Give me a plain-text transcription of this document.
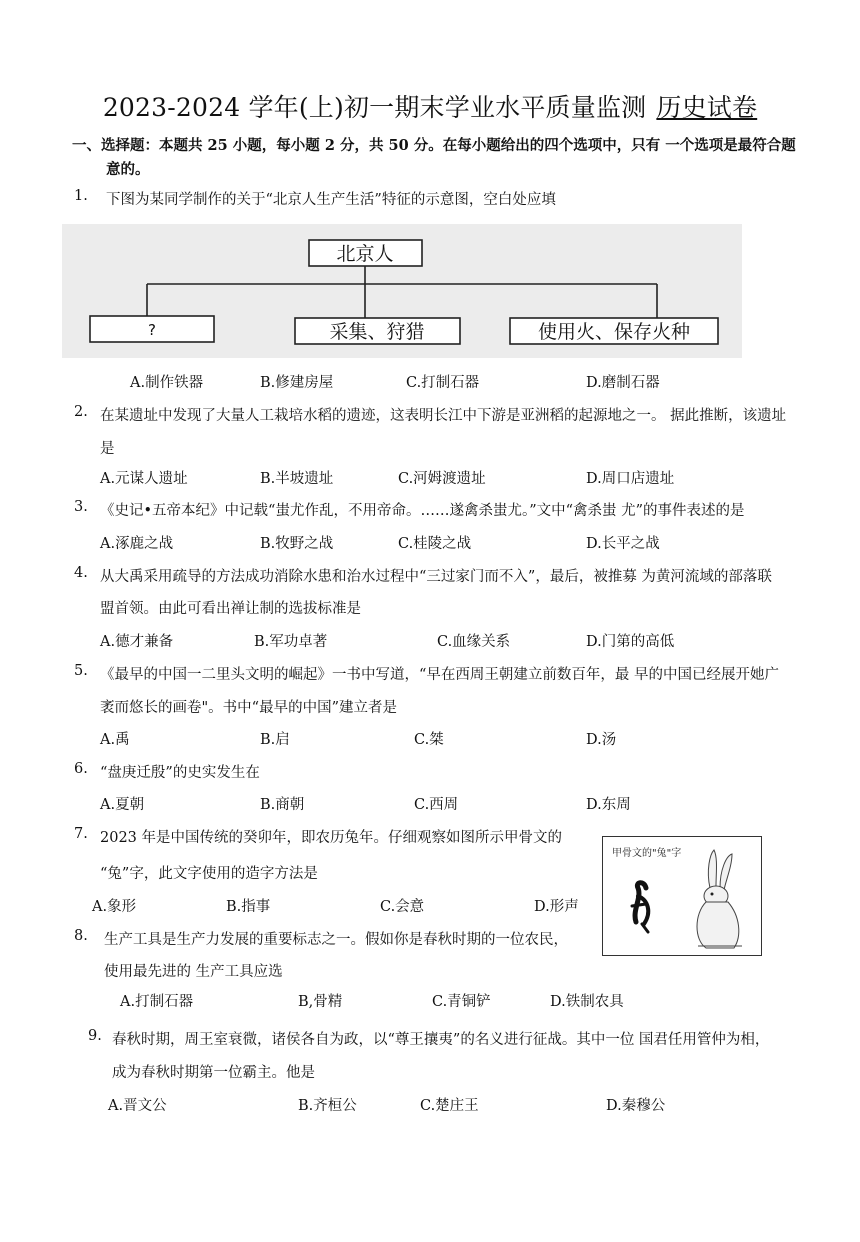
2023-2024 学年(上)初一期末学业水平质量监测 历史试卷
一、选择题：本题共 25 小题，每小题 2 分，共 50 分。在每小题给出的四个选项中，只有 一个选项是最符合题
意的。
1. 下图为某同学制作的关于“北京人生产生活”特征的示意图，空白处应填
北京人
?	采集、狩猎	使用火、保存火种
A.制作铁器	B.修建房屋	C.打制石器	D.磨制石器
2. 在某遗址中发现了大量人工栽培水稻的遗迹，这表明长江中下游是亚洲稻的起源地之一。 据此推断，该遗址
是
A.元谋人遗址	B.半坡遗址	C.河姆渡遗址	D.周口店遗址
3. 《史记•五帝本纪》中记载“蚩尤作乱，不用帝命。……遂禽杀蚩尤。”文中“禽杀蚩 尤”的事件表述的是
A.涿鹿之战	B.牧野之战	C.桂陵之战	D.长平之战
4. 从大禹采用疏导的方法成功消除水患和治水过程中“三过家门而不入”，最后，被推募 为黄河流域的部落联
盟首领。由此可看出禅让制的选拔标准是
A.德才兼备	B.军功卓著	C.血缘关系	D.门第的高低
5. 《最早的中国一二里头文明的崛起》一书中写道，“早在西周王朝建立前数百年，最 早的中国已经展开她广
袤而悠长的画卷"。书中“最早的中国”建立者是
A.禹	B.启	C.桀	D.汤
6. “盘庚迁殷”的史实发生在
A.夏朝	B.商朝	C.西周	D.东周
7. 2023 年是中国传统的癸卯年，即农历兔年。仔细观察如图所示甲骨文的
“兔”字，此文字使用的造字方法是
A.象形	B.指事	C.会意	D.形声
甲骨文的"兔"字
8. 生产工具是生产力发展的重要标志之一。假如你是春秋时期的一位农民，
使用最先进的 生产工具应选
A.打制石器	B,骨精	C.青铜铲	D.铁制农具
9. 春秋时期，周王室衰微，诸侯各自为政，以“尊王攘夷”的名义进行征战。其中一位 国君任用管仲为相，
成为春秋时期第一位霸主。他是
A.晋文公	B.齐桓公	C.楚庄王	D.秦穆公
